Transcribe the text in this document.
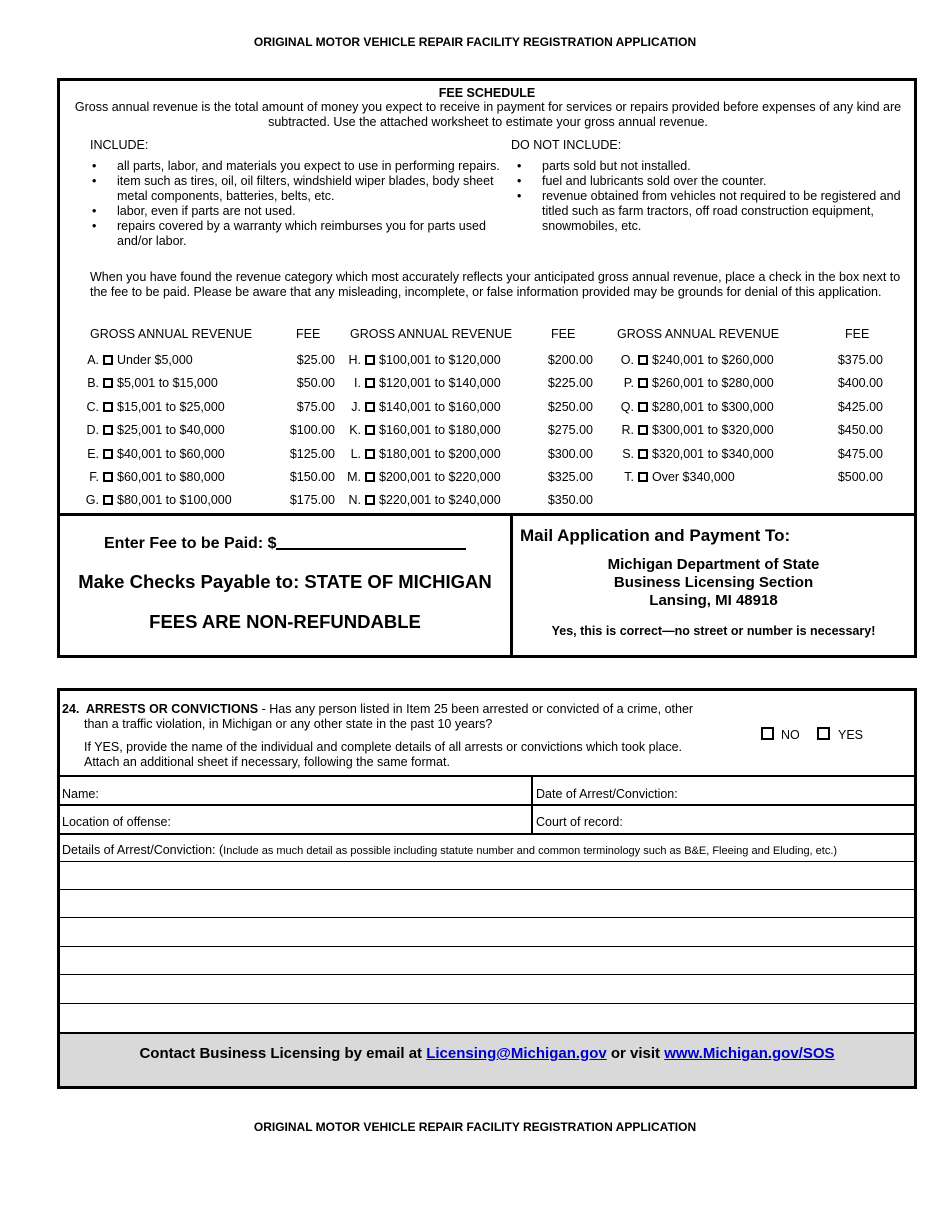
ORIGINAL MOTOR VEHICLE REPAIR FACILITY REGISTRATION APPLICATION
FEE SCHEDULE
Gross annual revenue is the total amount of money you expect to receive in payment for services or repairs provided before expenses of any kind are subtracted. Use the attached worksheet to estimate your gross annual revenue.
INCLUDE:	DO NOT INCLUDE:
• all parts, labor, and materials you expect to use in performing repairs.
• item such as tires, oil, oil filters, windshield wiper blades, body sheet metal components, batteries, belts, etc.
• labor, even if parts are not used.
• repairs covered by a warranty which reimburses you for parts used and/or labor.
• parts sold but not installed.
• fuel and lubricants sold over the counter.
• revenue obtained from vehicles not required to be registered and titled such as farm tractors, off road construction equipment, snowmobiles, etc.
When you have found the revenue category which most accurately reflects your anticipated gross annual revenue, place a check in the box next to the fee to be paid. Please be aware that any misleading, incomplete, or false information provided may be grounds for denial of this application.
GROSS ANNUAL REVENUE	FEE GROSS ANNUAL REVENUE	FEE	GROSS ANNUAL REVENUE	FEE
A. Under $5,000	$25.00
B. $5,001 to $15,000	$50.00
C. $15,001 to $25,000	$75.00
D. $25,001 to $40,000	$100.00
E. $40,001 to $60,000	$125.00
F. $60,001 to $80,000	$150.00
G. $80,001 to $100,000	$175.00
H. $100,001 to $120,000	$200.00
I. $120,001 to $140,000	$225.00
J. $140,001 to $160,000	$250.00
K. $160,001 to $180,000	$275.00
L. $180,001 to $200,000	$300.00
M. $200,001 to $220,000	$325.00
N. $220,001 to $240,000	$350.00
O. $240,001 to $260,000	$375.00
P. $260,001 to $280,000	$400.00
Q. $280,001 to $300,000	$425.00
R. $300,001 to $320,000	$450.00
S. $320,001 to $340,000	$475.00
T. Over $340,000	$500.00
Enter Fee to be Paid: $
Make Checks Payable to: STATE OF MICHIGAN
FEES ARE NON-REFUNDABLE
Mail Application and Payment To:
Michigan Department of State
Business Licensing Section
Lansing, MI 48918
Yes, this is correct—no street or number is necessary!
24. ARRESTS OR CONVICTIONS - Has any person listed in Item 25 been arrested or convicted of a crime, other
than a traffic violation, in Michigan or any other state in the past 10 years?
If YES, provide the name of the individual and complete details of all arrests or convictions which took place.
Attach an additional sheet if necessary, following the same format.
NO	YES
Name:	Date of Arrest/Conviction:
Location of offense:	Court of record:
Details of Arrest/Conviction: (Include as much detail as possible including statute number and common terminology such as B&E, Fleeing and Eluding, etc.)
Contact Business Licensing by email at Licensing@Michigan.gov or visit www.Michigan.gov/SOS
ORIGINAL MOTOR VEHICLE REPAIR FACILITY REGISTRATION APPLICATION
